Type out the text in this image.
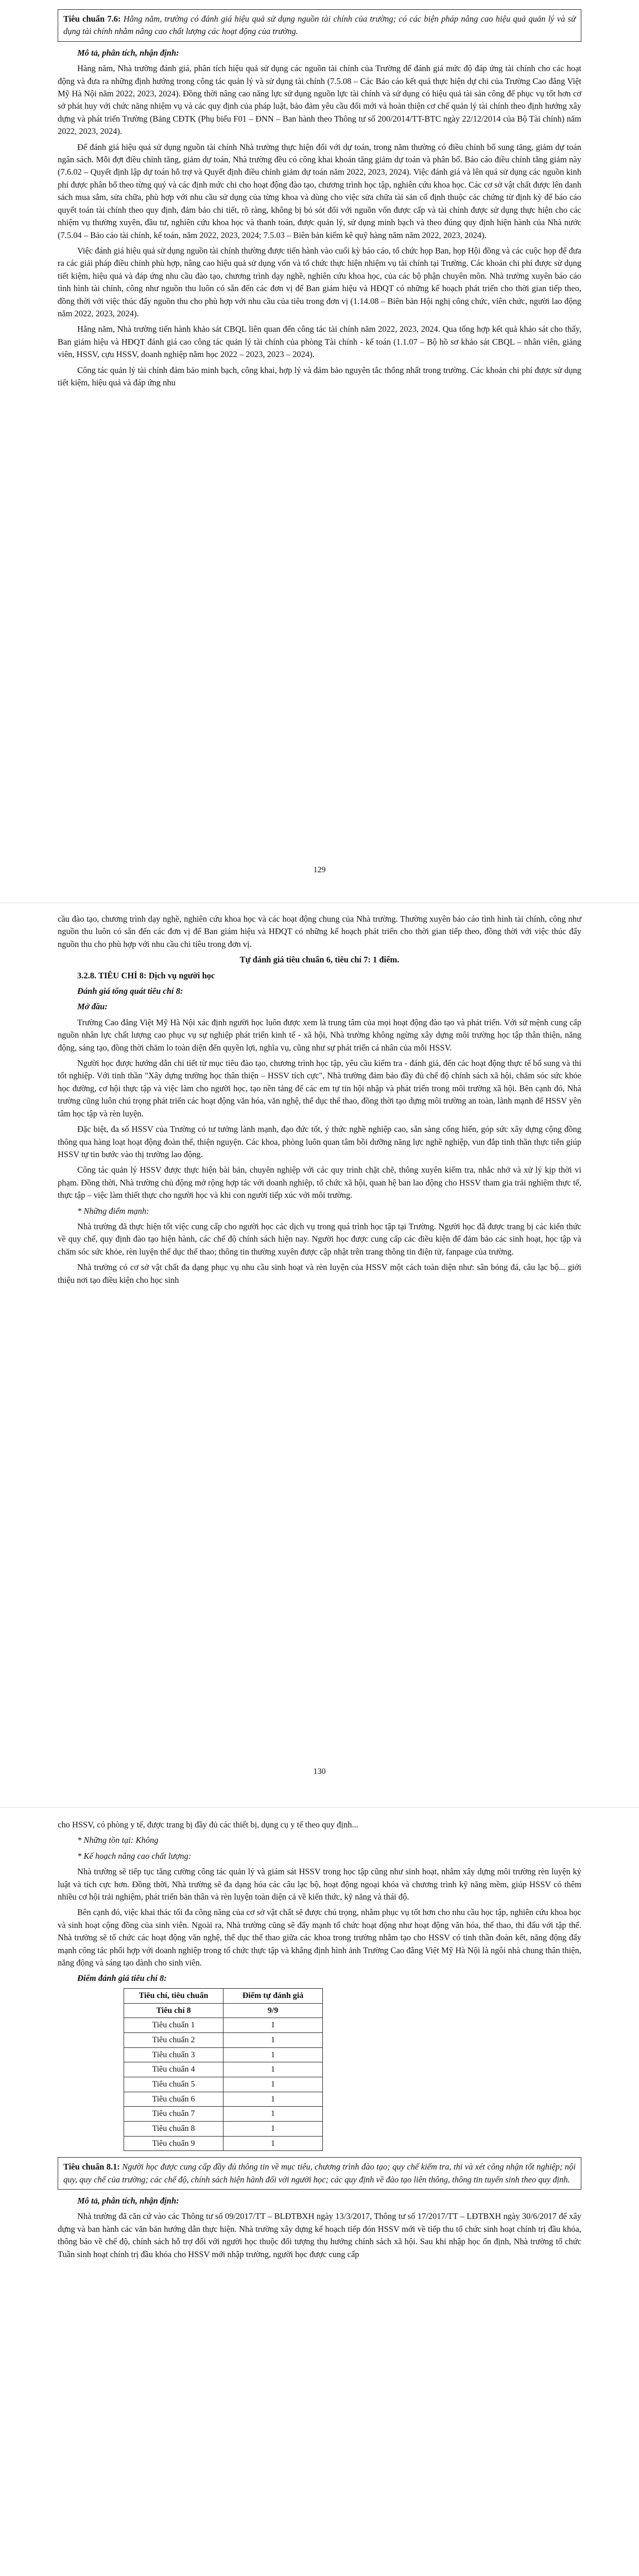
Tiêu chuẩn 7.6: Hằng năm, trường có đánh giá hiệu quả sử dụng nguồn tài chính của trường; có các biện pháp nâng cao hiệu quả quản lý và sử dụng tài chính nhằm nâng cao chất lượng các hoạt động của trường.

Mô tả, phân tích, nhận định:

Hàng năm, Nhà trường đánh giá, phân tích hiệu quả sử dụng các nguồn tài chính của Trường để đánh giá mức độ đáp ứng tài chính cho các hoạt động và đưa ra những định hướng trong công tác quản lý và sử dụng tài chính (7.5.08 – Các Báo cáo kết quả thực hiện dự chi của Trường Cao đẳng Việt Mỹ Hà Nội năm 2022, 2023, 2024). Đồng thời nâng cao năng lực sử dụng nguồn lực tài chính và sử dụng có hiệu quả tài sản công để phục vụ tốt hơn cơ sở phát huy với chức năng nhiệm vụ và các quy định của pháp luật, bảo đảm yêu cầu đổi mới và hoàn thiện cơ chế quản lý tài chính theo định hướng xây dựng và phát triển Trường (Bảng CĐTK (Phụ biểu F01 – ĐNN – Ban hành theo Thông tư số 200/2014/TT-BTC ngày 22/12/2014 của Bộ Tài chính) năm 2022, 2023, 2024).

Để đánh giá hiệu quả sử dụng nguồn tài chính Nhà trường thực hiện đối với dự toán, trong năm thường có điều chỉnh bổ sung tăng, giảm dự toán ngân sách. Mỗi đợt điều chỉnh tăng, giảm dự toán, Nhà trường đều có công khai khoản tăng giảm dự toán và phân bổ. Báo cáo điều chỉnh tăng giảm này (7.6.02 – Quyết định lập dự toán hỗ trợ và Quyết định điều chỉnh giảm dự toán năm 2022, 2023, 2024). Việc đánh giá và lên quá sử dụng các nguồn kinh phí được phân bổ theo từng quý và các định mức chi cho hoạt động đào tạo, chương trình học tập, nghiên cứu khoa học. Các cơ sở vật chất được lên danh sách mua sắm, sửa chữa, phù hợp với nhu cầu sử dụng của từng khoa và dùng cho việc sửa chữa tài sản cố định thuộc các chứng từ định kỳ để báo cáo quyết toán tài chính theo quy định, đảm bảo chi tiết, rõ ràng, không bị bỏ sót đối với nguồn vốn được cấp và tài chính được sử dụng thực hiện cho các nhiệm vụ thường xuyên, đầu tư, nghiên cứu khoa học và thanh toán, được quản lý, sử dụng minh bạch và theo đúng quy định hiện hành của Nhà nước (7.5.04 – Bảo cáo tài chính, kế toán, năm 2022, 2023, 2024; 7.5.03 – Biên bản kiểm kê quỹ hàng năm năm 2022, 2023, 2024).

Việc đánh giá hiệu quả sử dụng nguồn tài chính thường được tiến hành vào cuối kỳ báo cáo, tổ chức họp Ban, họp Hội đồng và các cuộc họp để đưa ra các giải pháp điều chỉnh phù hợp, nâng cao hiệu quả sử dụng vốn và tổ chức thực hiện nhiệm vụ tài chính tại Trường. Các khoản chi phí được sử dụng tiết kiệm, hiệu quả và đáp ứng nhu cầu đào tạo, chương trình dạy nghề, nghiên cứu khoa học, của các bộ phận chuyên môn. Nhà trường xuyên báo cáo tình hình tài chính, công như nguồn thu luôn có sẵn đến các đơn vị để Ban giám hiệu và HĐQT có những kế hoạch phát triển cho thời gian tiếp theo, đồng thời với việc thúc đẩy nguồn thu cho phù hợp với nhu cầu của tiêu trong đơn vị (1.14.08 – Biên bản Hội nghị công chức, viên chức, người lao động năm 2022, 2023, 2024).

Hằng năm, Nhà trường tiến hành khảo sát CBQL liên quan đến công tác tài chính năm 2022, 2023, 2024. Qua tổng hợp kết quả khảo sát cho thấy, Ban giám hiệu và HĐQT đánh giá cao công tác quản lý tài chính của phòng Tài chính - kế toán (1.1.07 – Bộ hồ sơ khảo sát CBQL – nhân viên, giảng viên, HSSV, cựu HSSV, doanh nghiệp năm học 2022 – 2023, 2023 – 2024).

Công tác quản lý tài chính đảm bảo minh bạch, công khai, hợp lý và đảm bảo nguyên tắc thống nhất trong trường. Các khoản chi phí được sử dụng tiết kiệm, hiệu quả và đáp ứng nhu

129

cầu đào tạo, chương trình dạy nghề, nghiên cứu khoa học và các hoạt động chung của Nhà trường. Thường xuyên báo cáo tình hình tài chính, công như nguồn thu luôn có sẵn đến các đơn vị để Ban giám hiệu và HĐQT có những kế hoạch phát triển cho thời gian tiếp theo, đồng thời với việc thúc đẩy nguồn thu cho phù hợp với nhu cầu chi tiêu trong đơn vị.

Tự đánh giá tiêu chuẩn 6, tiêu chí 7: 1 điểm.

3.2.8. TIÊU CHÍ 8: Dịch vụ người học

Đánh giá tổng quát tiêu chí 8:

Mở đầu:

Trường Cao đẳng Việt Mỹ Hà Nội xác định người học luôn được xem là trung tâm của mọi hoạt động đào tạo và phát triển. Với sứ mệnh cung cấp nguồn nhân lực chất lượng cao phục vụ sự nghiệp phát triển kinh tế - xã hội, Nhà trường không ngừng xây dựng môi trường học tập thân thiện, năng động, sáng tạo, đồng thời chăm lo toàn diện đến quyền lợi, nghĩa vụ, cũng như sự phát triển cá nhân của mỗi HSSV.

Người học được hướng dẫn chi tiết từ mục tiêu đào tạo, chương trình học tập, yêu cầu kiểm tra - đánh giá, đến các hoạt động thực tế bổ sung và thi tốt nghiệp. Với tinh thần "Xây dựng trường học thân thiện – HSSV tích cực", Nhà trường đảm bảo đầy đủ chế độ chính sách xã hội, chăm sóc sức khỏe học đường, cơ hội thực tập và việc làm cho người học, tạo nền tảng để các em tự tin hội nhập và phát triển trong môi trường xã hội. Bên cạnh đó, Nhà trường cũng luôn chú trọng phát triển các hoạt động văn hóa, văn nghệ, thể dục thể thao, đồng thời tạo dựng môi trường an toàn, lành mạnh để HSSV yên tâm học tập và rèn luyện.

Đặc biệt, đa số HSSV của Trường có tư tưởng lành mạnh, đạo đức tốt, ý thức nghề nghiệp cao, sẵn sàng cống hiến, góp sức xây dựng cộng đồng thông qua hàng loạt hoạt động đoàn thể, thiện nguyện. Các khoa, phòng luôn quan tâm bồi dưỡng năng lực nghề nghiệp, vun đắp tinh thần thực tiễn giúp HSSV tự tin bước vào thị trường lao động.

Công tác quản lý HSSV được thực hiện bài bản, chuyên nghiệp với các quy trình chặt chẽ, thông xuyên kiểm tra, nhắc nhở và xử lý kịp thời vi phạm. Đồng thời, Nhà trường chủ động mở rộng hợp tác với doanh nghiệp, tổ chức xã hội, quan hệ ban lao động cho HSSV tham gia trải nghiệm thực tế, thực tập – việc làm thiết thực cho người học và khi con người tiếp xúc với môi trường.

* Những điểm mạnh:

Nhà trường đã thực hiện tốt việc cung cấp cho người học các dịch vụ trong quá trình học tập tại Trường. Người học đã được trang bị các kiến thức về quy chế, quy định đào tạo hiện hành, các chế độ chính sách hiện nay. Người học được cung cấp các điều kiện để đảm bảo các sinh hoạt, học tập và chăm sóc sức khỏe, rèn luyện thể dục thể thao; thông tin thường xuyên được cập nhật trên trang thông tin điện tử, fanpage của trường.

Nhà trường có cơ sở vật chất đa dạng phục vụ nhu cầu sinh hoạt và rèn luyện của HSSV một cách toàn diện như: sân bóng đá, câu lạc bộ... giới thiệu nơi tạo điều kiện cho học sinh

130

cho HSSV, có phòng y tế, được trang bị đầy đủ các thiết bị, dụng cụ y tế theo quy định...

* Những tồn tại: Không

* Kế hoạch nâng cao chất lượng:

Nhà trường sẽ tiếp tục tăng cường công tác quản lý và giám sát HSSV trong học tập cũng như sinh hoạt, nhằm xây dựng môi trường rèn luyện kỷ luật và tích cực hơn. Đồng thời, Nhà trường sẽ đa dạng hóa các câu lạc bộ, hoạt động ngoại khóa và chương trình kỹ năng mềm, giúp HSSV có thêm nhiều cơ hội trải nghiệm, phát triển bản thân và rèn luyện toàn diện cả về kiến thức, kỹ năng và thái độ.

Bên cạnh đó, việc khai thác tối đa công năng của cơ sở vật chất sẽ được chú trọng, nhằm phục vụ tốt hơn cho nhu cầu học tập, nghiên cứu khoa học và sinh hoạt cộng đồng của sinh viên. Ngoài ra, Nhà trường cũng sẽ đẩy mạnh tổ chức hoạt động như hoạt động văn hóa, thể thao, thi đấu với tập thể. Nhà trường sẽ tổ chức các hoạt động văn nghệ, thể dục thể thao giữa các khoa trong trường nhằm tạo cho HSSV có tinh thần đoàn kết, năng động đẩy mạnh công tác phối hợp với doanh nghiệp trong tổ chức thực tập và khẳng định hình ảnh Trường Cao đẳng Việt Mỹ Hà Nội là ngôi nhà chung thân thiện, năng động và sáng tạo dành cho sinh viên.

Điểm đánh giá tiêu chí 8:

Tiêu chí, tiêu chuẩn	Điểm tự đánh giá
Tiêu chí 8	9/9
Tiêu chuẩn 1	1
Tiêu chuẩn 2	1
Tiêu chuẩn 3	1
Tiêu chuẩn 4	1
Tiêu chuẩn 5	1
Tiêu chuẩn 6	1
Tiêu chuẩn 7	1
Tiêu chuẩn 8	1
Tiêu chuẩn 9	1
Tiêu chuẩn 8.1: Người học được cung cấp đầy đủ thông tin về mục tiêu, chương trình đào tạo; quy chế kiểm tra, thi và xét công nhận tốt nghiệp; nội quy, quy chế của trường; các chế độ, chính sách hiện hành đối với người học; các quy định về đào tạo liên thông, thông tin tuyển sinh theo quy định.

Mô tả, phân tích, nhận định:

Nhà trường đã căn cứ vào các Thông tư số 09/2017/TT – BLĐTBXH ngày 13/3/2017, Thông tư số 17/2017/TT – LĐTBXH ngày 30/6/2017 để xây dựng và ban hành các văn bản hướng dẫn thực hiện. Nhà trường xây dựng kế hoạch tiếp đón HSSV mới về tiếp thu tổ chức sinh hoạt chính trị đầu khóa, thông báo về chế độ, chính sách hỗ trợ đối với người học thuộc đối tượng thụ hưởng chính sách xã hội. Sau khi nhập học ổn định, Nhà trường tổ chức Tuần sinh hoạt chính trị đầu khóa cho HSSV mới nhập trường, người học được cung cấp
